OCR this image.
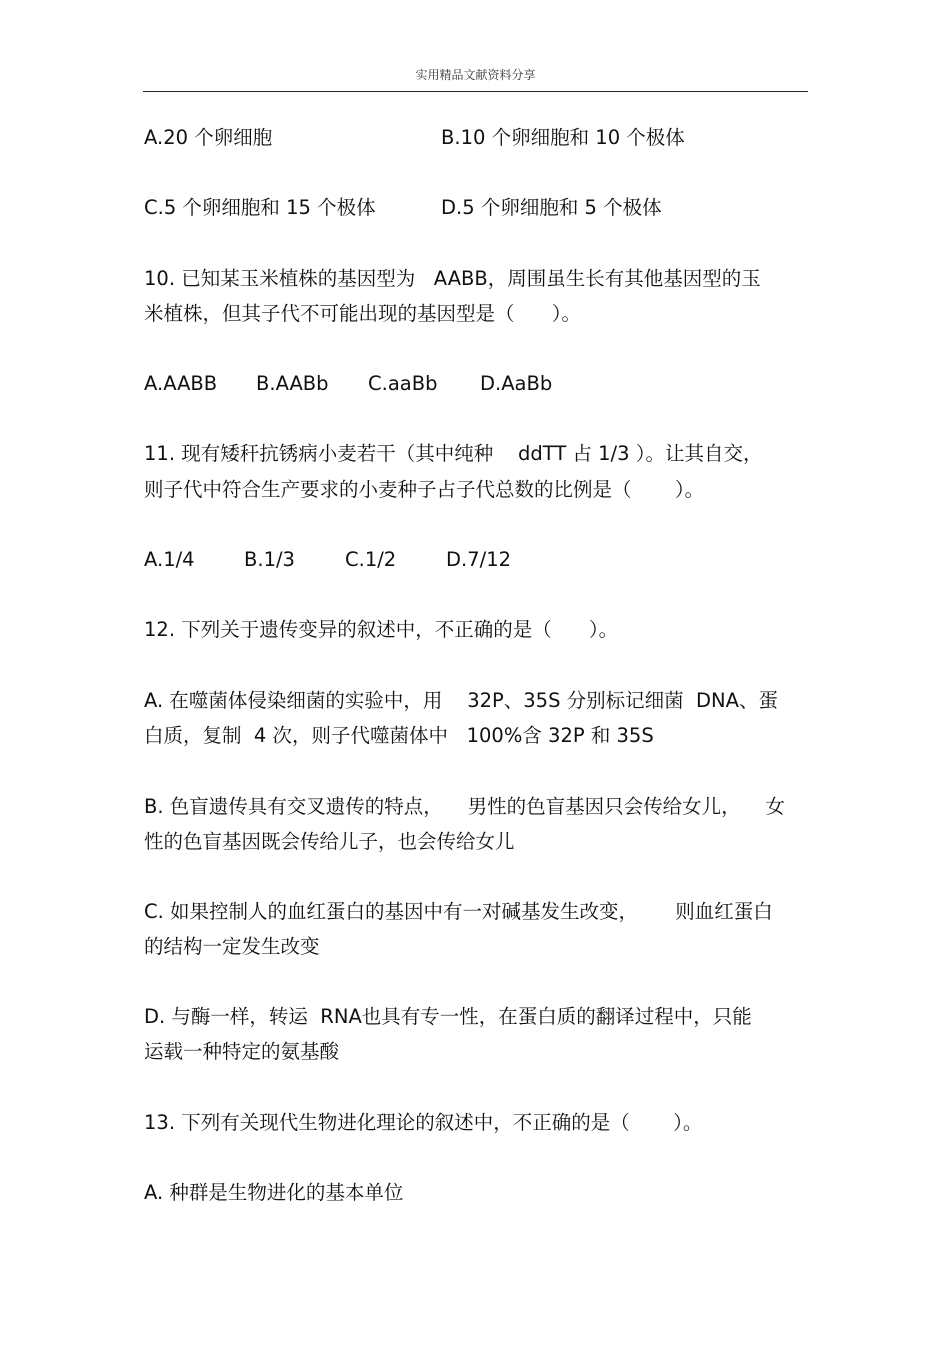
实用精品文献资料分享
A.20 个卵细胞	B.10 个卵细胞和 10 个极体
C.5 个卵细胞和 15 个极体	D.5 个卵细胞和 5 个极体
10. 已知某玉米植株的基因型为   AABB，周围虽生长有其他基因型的玉
米植株，但其子代不可能出现的基因型是（      ）。
A.AABB B.AABb C.aaBb D.AaBb
11. 现有矮秆抗锈病小麦若干（其中纯种    ddTT 占 1/3 ）。让其自交，
则子代中符合生产要求的小麦种子占子代总数的比例是（       ）。
A.1/4	B.1/3	C.1/2	D.7/12
12. 下列关于遗传变异的叙述中，不正确的是（      ）。
A. 在噬菌体侵染细菌的实验中，用    32P、35S 分别标记细菌  DNA、蛋
白质，复制  4 次，则子代噬菌体中   100%含 32P 和 35S
B. 色盲遗传具有交叉遗传的特点，    男性的色盲基因只会传给女儿，    女
性的色盲基因既会传给儿子，也会传给女儿
C. 如果控制人的血红蛋白的基因中有一对碱基发生改变，      则血红蛋白
的结构一定发生改变
D. 与酶一样，转运  RNA也具有专一性，在蛋白质的翻译过程中，只能
运载一种特定的氨基酸
13. 下列有关现代生物进化理论的叙述中，不正确的是（       ）。
A. 种群是生物进化的基本单位
